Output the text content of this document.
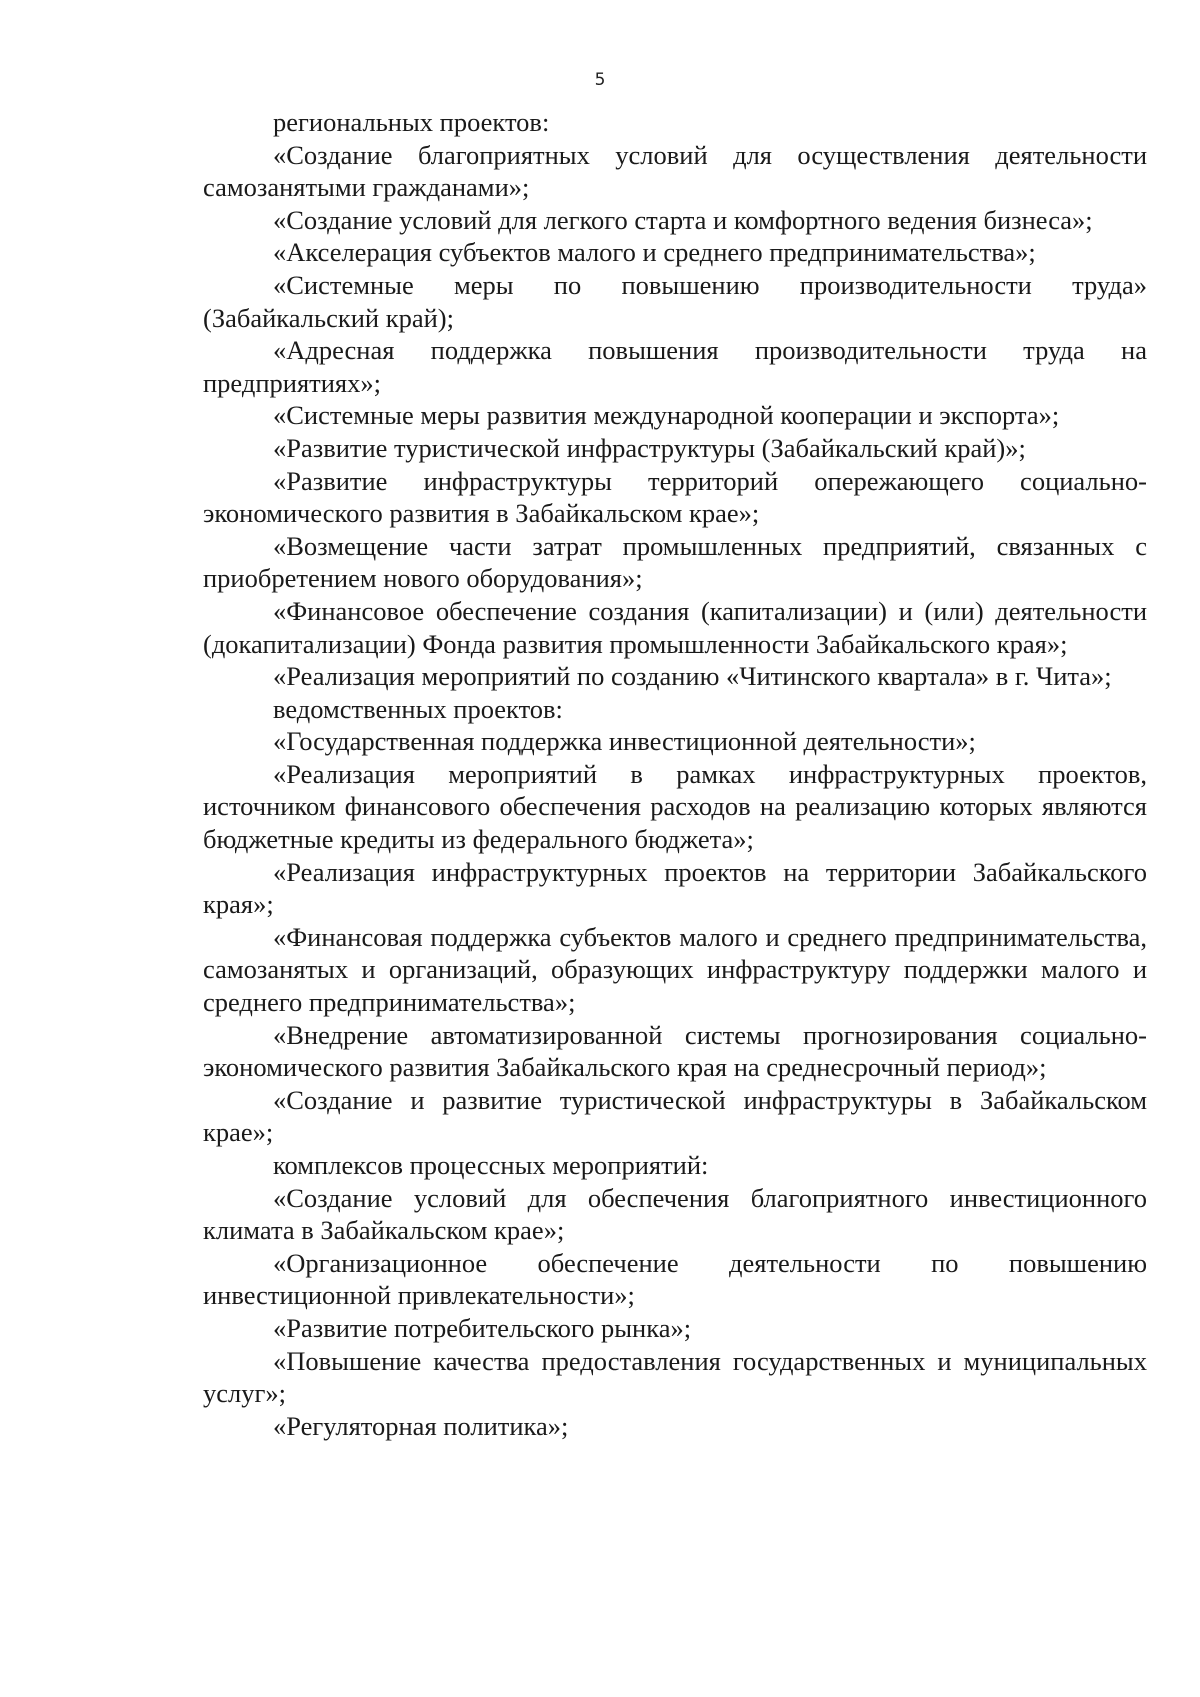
5

региональных проектов:

«Создание благоприятных условий для осуществления деятельности самозанятыми гражданами»;

«Создание условий для легкого старта и комфортного ведения бизнеса»;

«Акселерация субъектов малого и среднего предпринимательства»;

«Системные меры по повышению производительности труда» (Забайкальский край);

«Адресная поддержка повышения производительности труда на предприятиях»;

«Системные меры развития международной кооперации и экспорта»;

«Развитие туристической инфраструктуры (Забайкальский край)»;

«Развитие инфраструктуры территорий опережающего социально-экономического развития в Забайкальском крае»;

«Возмещение части затрат промышленных предприятий, связанных с приобретением нового оборудования»;

«Финансовое обеспечение создания (капитализации) и (или) деятельности (докапитализации) Фонда развития промышленности Забайкальского края»;

«Реализация мероприятий по созданию «Читинского квартала» в г. Чита»;

ведомственных проектов:

«Государственная поддержка инвестиционной деятельности»;

«Реализация мероприятий в рамках инфраструктурных проектов, источником финансового обеспечения расходов на реализацию которых являются бюджетные кредиты из федерального бюджета»;

«Реализация инфраструктурных проектов на территории Забайкальского края»;

«Финансовая поддержка субъектов малого и среднего предпринимательства, самозанятых и организаций, образующих инфраструктуру поддержки малого и среднего предпринимательства»;

«Внедрение автоматизированной системы прогнозирования социально-экономического развития Забайкальского края на среднесрочный период»;

«Создание и развитие туристической инфраструктуры в Забайкальском крае»;

комплексов процессных мероприятий:

«Создание условий для обеспечения благоприятного инвестиционного климата в Забайкальском крае»;

«Организационное обеспечение деятельности по повышению инвестиционной привлекательности»;

«Развитие потребительского рынка»;

«Повышение качества предоставления государственных и муниципальных услуг»;

«Регуляторная политика»;
